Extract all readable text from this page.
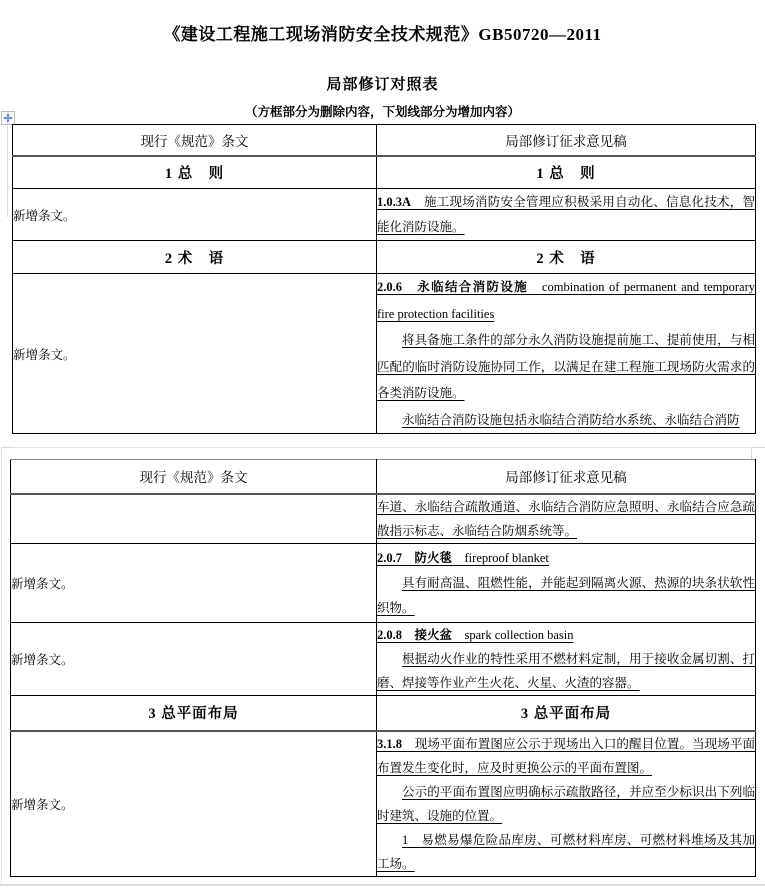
《建设工程施工现场消防安全技术规范》GB50720—2011
局部修订对照表
（方框部分为删除内容，下划线部分为增加内容）
现行《规范》条文	局部修订征求意见稿
1 总　则	1 总　则
新增条文。	1.0.3A　施工现场消防安全管理应积极采用自动化、信息化技术，智能化消防设施。

2 术　语	2 术　语
新增条文。	2.0.6　永临结合消防设施　combination of permanent and temporary fire protection facilities

将具备施工条件的部分永久消防设施提前施工、提前使用，与相匹配的临时消防设施协同工作，以满足在建工程施工现场防火需求的各类消防设施。

永临结合消防设施包括永临结合消防给水系统、永临结合消防

现行《规范》条文	局部修订征求意见稿

	车道、永临结合疏散通道、永临结合消防应急照明、永临结合应急疏散指示标志、永临结合防烟系统等。

新增条文。	2.0.7　防火毯　fireproof blanket

具有耐高温、阻燃性能，并能起到隔离火源、热源的块条状软性织物。

新增条文。	2.0.8　接火盆　spark collection basin

根据动火作业的特性采用不燃材料定制，用于接收金属切割、打磨、焊接等作业产生火花、火星、火渣的容器。

3 总平面布局	3 总平面布局
新增条文。	3.1.8　现场平面布置图应公示于现场出入口的醒目位置。当现场平面布置发生变化时，应及时更换公示的平面布置图。

公示的平面布置图应明确标示疏散路径，并应至少标识出下列临时建筑、设施的位置。

1　易燃易爆危险品库房、可燃材料库房、可燃材料堆场及其加工场。
